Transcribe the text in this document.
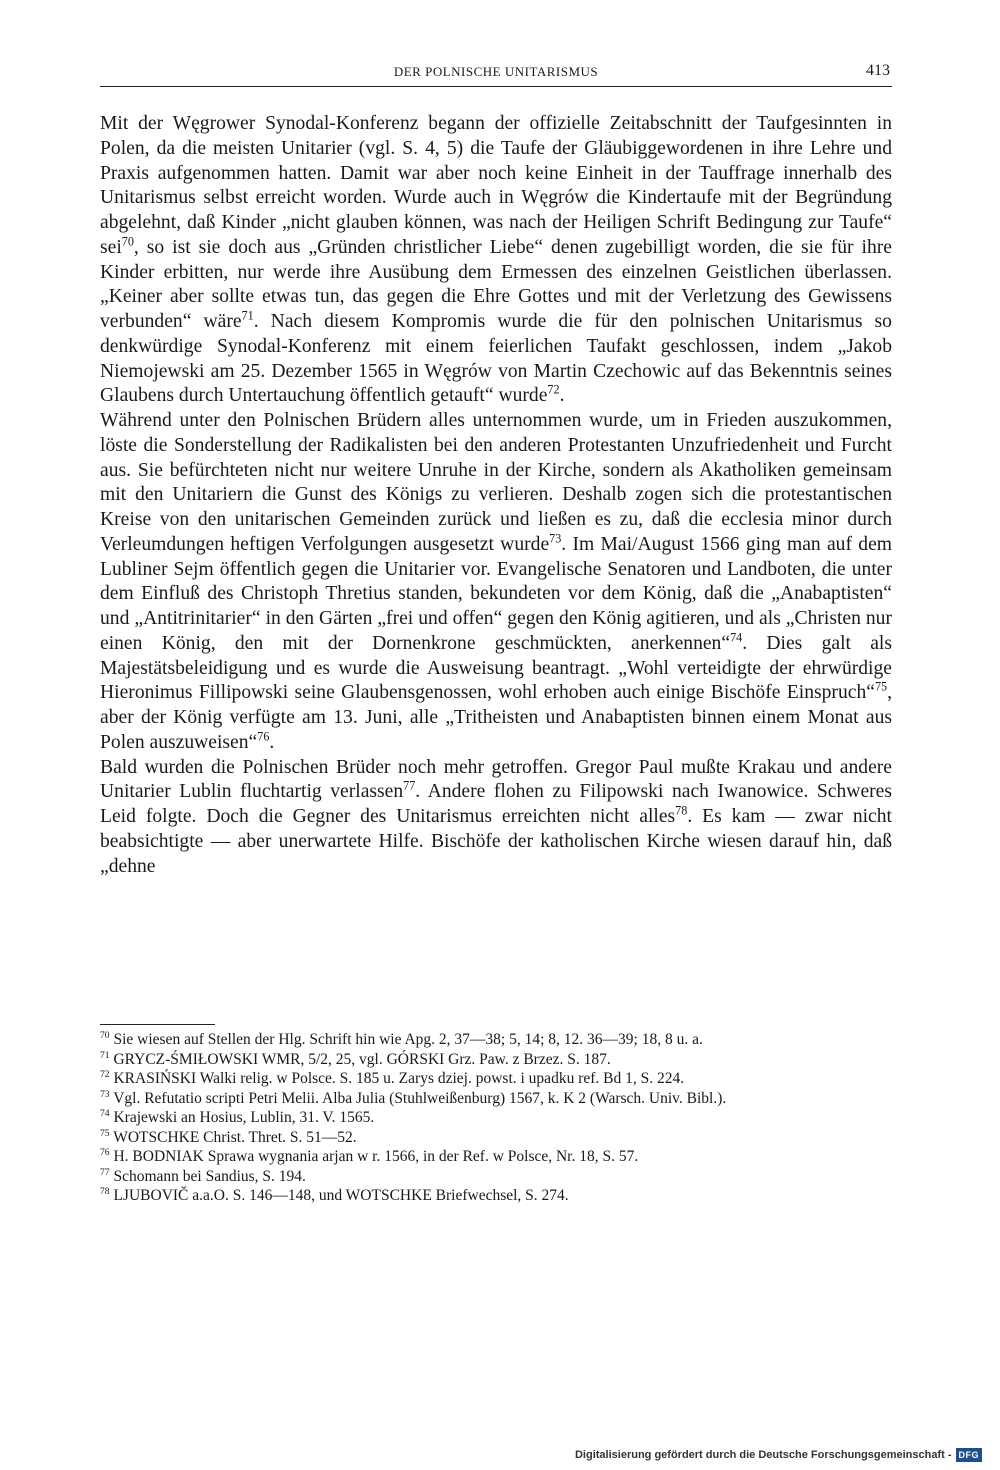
DER POLNISCHE UNITARISMUS	413

Mit der Węgrower Synodal-Konferenz begann der offizielle Zeitabschnitt der Taufgesinnten in Polen, da die meisten Unitarier (vgl. S. 4, 5) die Taufe der Gläubiggewordenen in ihre Lehre und Praxis aufgenommen hatten. Damit war aber noch keine Einheit in der Tauffrage innerhalb des Unitarismus selbst erreicht worden. Wurde auch in Węgrów die Kindertaufe mit der Begründung abgelehnt, daß Kinder „nicht glauben können, was nach der Heiligen Schrift Bedingung zur Taufe“ sei$^{70}$, so ist sie doch aus „Gründen christlicher Liebe“ denen zugebilligt worden, die sie für ihre Kinder erbitten, nur werde ihre Ausübung dem Ermessen des einzelnen Geistlichen überlassen. „Keiner aber sollte etwas tun, das gegen die Ehre Gottes und mit der Verletzung des Gewissens verbunden“ wäre$^{71}$. Nach diesem Kompromis wurde die für den polnischen Unitarismus so denkwürdige Synodal-Konferenz mit einem feierlichen Taufakt geschlossen, indem „Jakob Niemojewski am 25. Dezember 1565 in Węgrów von Martin Czechowic auf das Bekenntnis seines Glaubens durch Untertauchung öffentlich getauft“ wurde$^{72}$.

Während unter den Polnischen Brüdern alles unternommen wurde, um in Frieden auszukommen, löste die Sonderstellung der Radikalisten bei den anderen Protestanten Unzufriedenheit und Furcht aus. Sie befürchteten nicht nur weitere Unruhe in der Kirche, sondern als Akatholiken gemeinsam mit den Unitariern die Gunst des Königs zu verlieren. Deshalb zogen sich die protestantischen Kreise von den unitarischen Gemeinden zurück und ließen es zu, daß die ecclesia minor durch Verleumdungen heftigen Verfolgungen ausgesetzt wurde$^{73}$. Im Mai/August 1566 ging man auf dem Lubliner Sejm öffentlich gegen die Unitarier vor. Evangelische Senatoren und Landboten, die unter dem Einfluß des Christoph Thretius standen, bekundeten vor dem König, daß die „Anabaptisten“ und „Antitrinitarier“ in den Gärten „frei und offen“ gegen den König agitieren, und als „Christen nur einen König, den mit der Dornenkrone geschmückten, anerkennen“$^{74}$. Dies galt als Majestätsbeleidigung und es wurde die Ausweisung beantragt. „Wohl verteidigte der ehrwürdige Hieronimus Fillipowski seine Glaubensgenossen, wohl erhoben auch einige Bischöfe Einspruch“$^{75}$, aber der König verfügte am 13. Juni, alle „Tritheisten und Anabaptisten binnen einem Monat aus Polen auszuweisen“$^{76}$.

Bald wurden die Polnischen Brüder noch mehr getroffen. Gregor Paul mußte Krakau und andere Unitarier Lublin fluchtartig verlassen$^{77}$. Andere flohen zu Filipowski nach Iwanowice. Schweres Leid folgte. Doch die Gegner des Unitarismus erreichten nicht alles$^{78}$. Es kam — zwar nicht beabsichtigte — aber unerwartete Hilfe. Bischöfe der katholischen Kirche wiesen darauf hin, daß „dehne

$^{70}$ Sie wiesen auf Stellen der Hlg. Schrift hin wie Apg. 2, 37—38; 5, 14; 8, 12. 36—39; 18, 8 u. a.

$^{71}$ GRYCZ-ŚMIŁOWSKI WMR, 5/2, 25, vgl. GÓRSKI Grz. Paw. z Brzez. S. 187.

$^{72}$ KRASIŃSKI Walki relig. w Polsce. S. 185 u. Zarys dziej. powst. i upadku ref. Bd 1, S. 224.

$^{73}$ Vgl. Refutatio scripti Petri Melii. Alba Julia (Stuhlweißenburg) 1567, k. K 2 (Warsch. Univ. Bibl.).

$^{74}$ Krajewski an Hosius, Lublin, 31. V. 1565.

$^{75}$ WOTSCHKE Christ. Thret. S. 51—52.

$^{76}$ H. BODNIAK Sprawa wygnania arjan w r. 1566, in der Ref. w Polsce, Nr. 18, S. 57.

$^{77}$ Schomann bei Sandius, S. 194.

$^{78}$ LJUBOVIČ a.a.O. S. 146—148, und WOTSCHKE Briefwechsel, S. 274.

Digitalisierung gefördert durch die Deutsche Forschungsgemeinschaft - DFG
